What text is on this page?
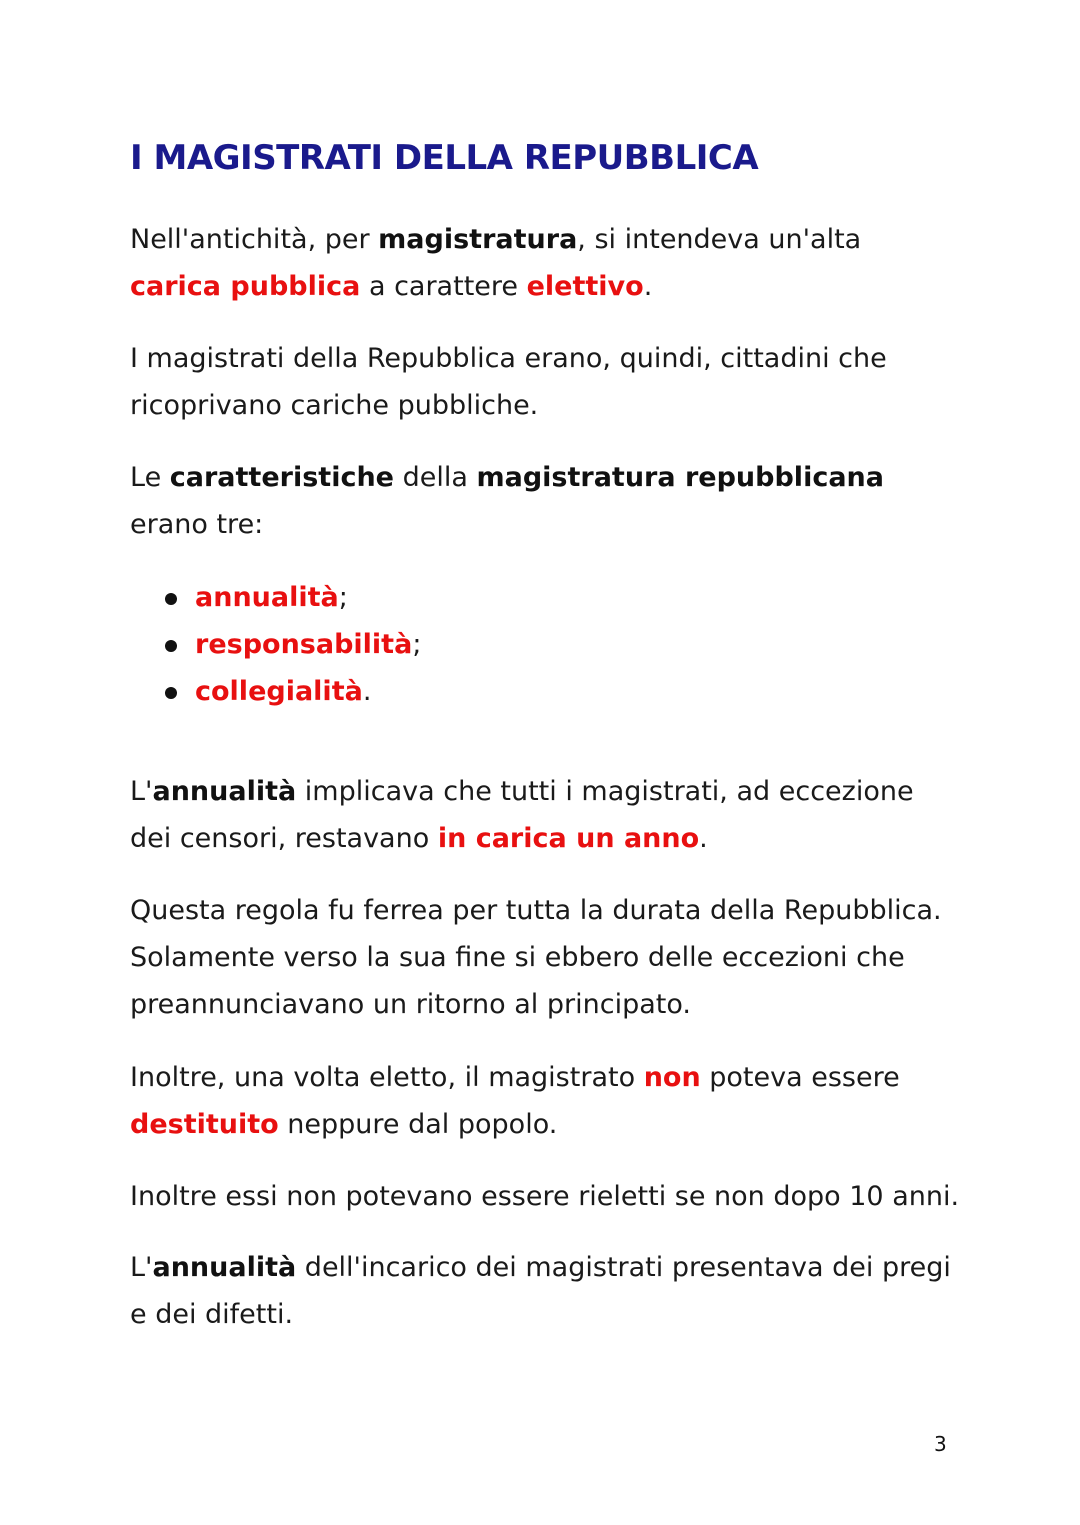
I MAGISTRATI DELLA REPUBBLICA

Nell'antichità, per magistratura, si intendeva un'alta carica pubblica a carattere elettivo.

I magistrati della Repubblica erano, quindi, cittadini che ricoprivano cariche pubbliche.

Le caratteristiche della magistratura repubblicana erano tre:

annualità;
responsabilità;
collegialità.

L'annualità implicava che tutti i magistrati, ad eccezione dei censori, restavano in carica un anno.

Questa regola fu ferrea per tutta la durata della Repubblica. Solamente verso la sua fine si ebbero delle eccezioni che preannunciavano un ritorno al principato.

Inoltre, una volta eletto, il magistrato non poteva essere destituito neppure dal popolo.

Inoltre essi non potevano essere rieletti se non dopo 10 anni.

L'annualità dell'incarico dei magistrati presentava dei pregi e dei difetti.

3
